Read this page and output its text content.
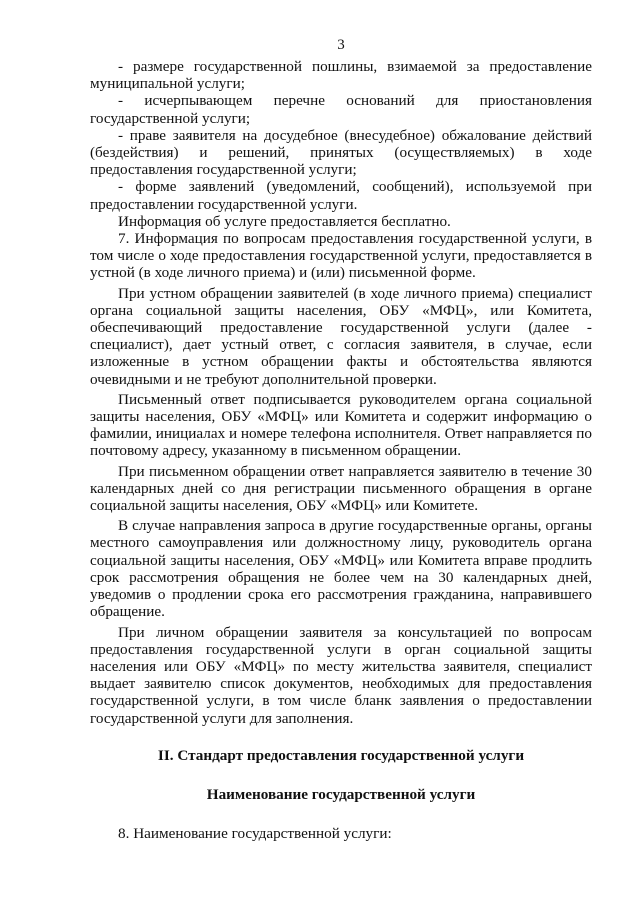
3

- размере государственной пошлины, взимаемой за предоставление муниципальной услуги;

- исчерпывающем перечне оснований для приостановления государственной услуги;

- праве заявителя на досудебное (внесудебное) обжалование действий (бездействия) и решений, принятых (осуществляемых) в ходе предоставления государственной услуги;

- форме заявлений (уведомлений, сообщений), используемой при предоставлении государственной услуги.

Информация об услуге предоставляется бесплатно.

7. Информация по вопросам предоставления государственной услуги, в том числе о ходе предоставления государственной услуги, предоставляется в устной (в ходе личного приема) и (или) письменной форме.

При устном обращении заявителей (в ходе личного приема) специалист органа социальной защиты населения, ОБУ «МФЦ», или Комитета, обеспечивающий предоставление государственной услуги (далее - специалист), дает устный ответ, с согласия заявителя, в случае, если изложенные в устном обращении факты и обстоятельства являются очевидными и не требуют дополнительной проверки.

Письменный ответ подписывается руководителем органа социальной защиты населения, ОБУ «МФЦ» или Комитета и содержит информацию о фамилии, инициалах и номере телефона исполнителя. Ответ направляется по почтовому адресу, указанному в письменном обращении.

При письменном обращении ответ направляется заявителю в течение 30 календарных дней со дня регистрации письменного обращения в органе социальной защиты населения, ОБУ «МФЦ» или Комитете.

В случае направления запроса в другие государственные органы, органы местного самоуправления или должностному лицу, руководитель органа социальной защиты населения, ОБУ «МФЦ» или Комитета вправе продлить срок рассмотрения обращения не более чем на 30 календарных дней, уведомив о продлении срока его рассмотрения гражданина, направившего обращение.

При личном обращении заявителя за консультацией по вопросам предоставления государственной услуги в орган социальной защиты населения или ОБУ «МФЦ» по месту жительства заявителя, специалист выдает заявителю список документов, необходимых для предоставления государственной услуги, в том числе бланк заявления о предоставлении государственной услуги для заполнения.

II. Стандарт предоставления государственной услуги
Наименование государственной услуги

8. Наименование государственной услуги:
